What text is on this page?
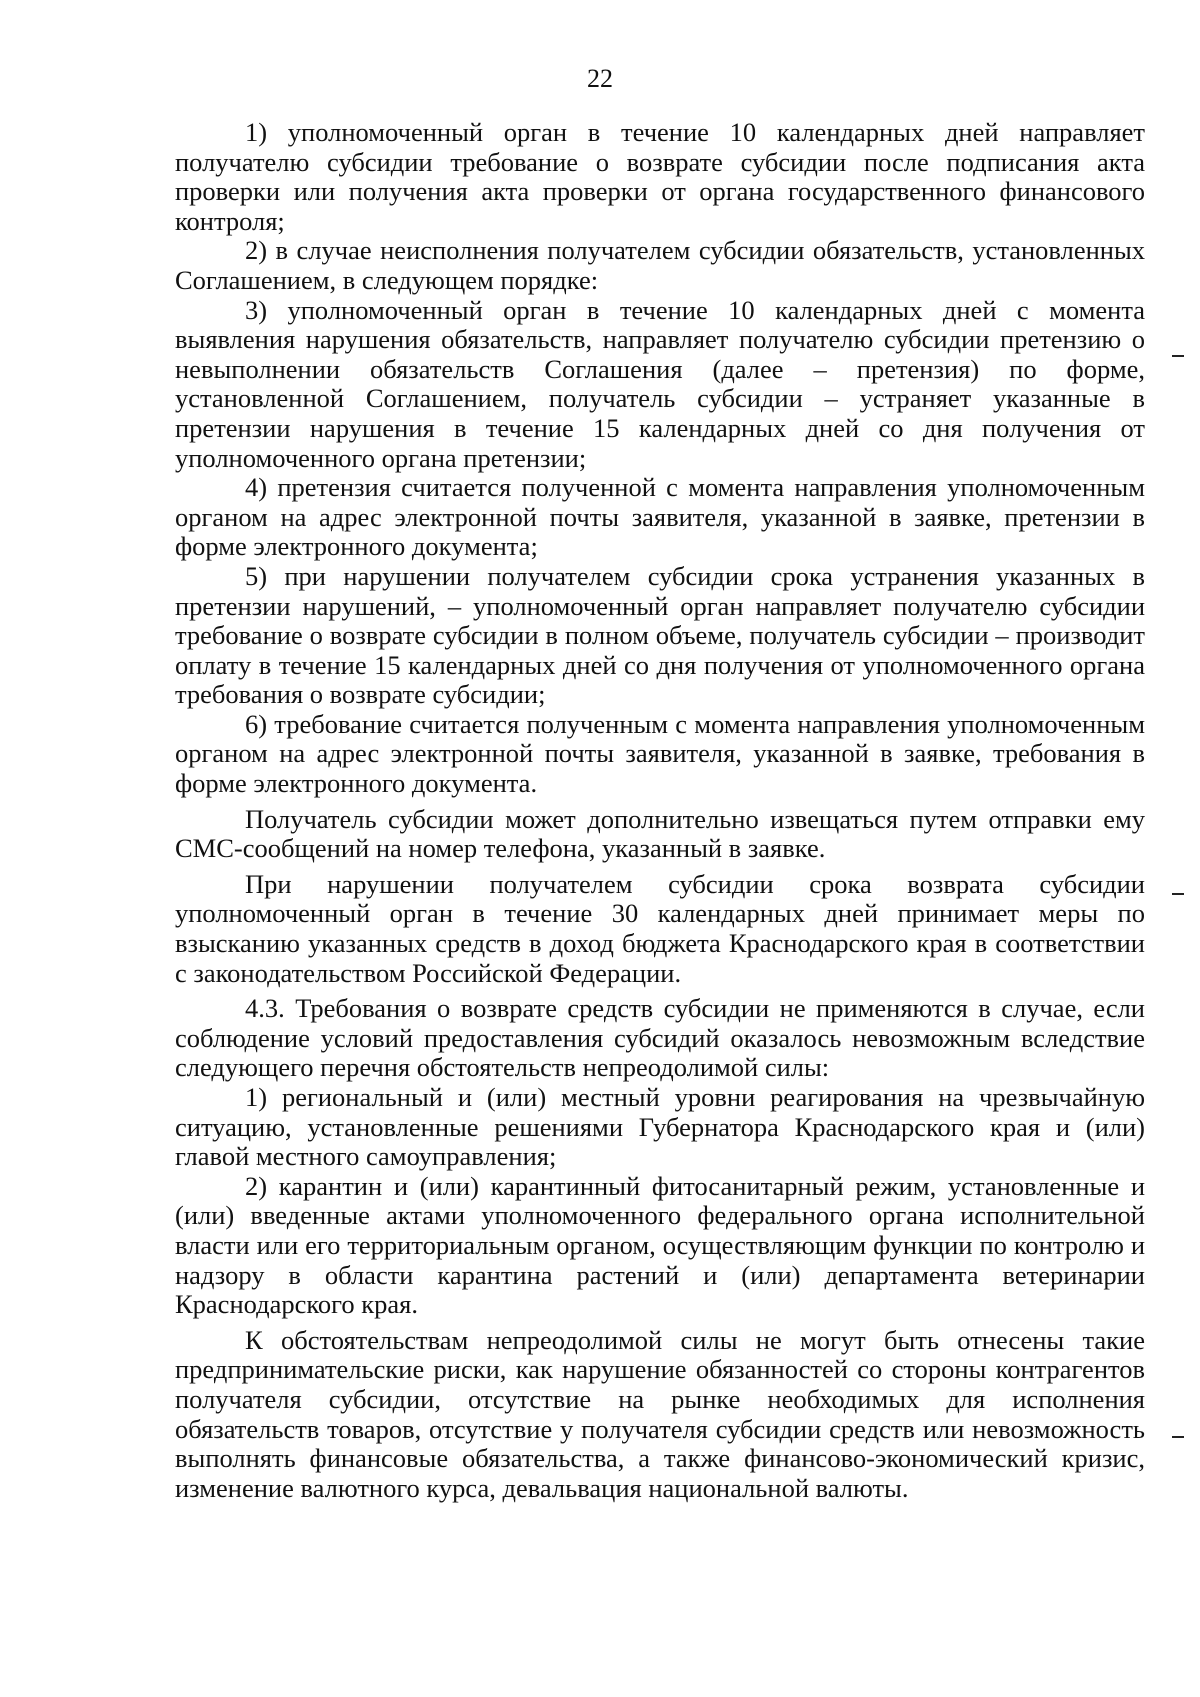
22

1) уполномоченный орган в течение 10 календарных дней направляет получателю субсидии требование о возврате субсидии после подписания акта проверки или получения акта проверки от органа государственного финансового контроля;

2) в случае неисполнения получателем субсидии обязательств, установленных Соглашением, в следующем порядке:

3) уполномоченный орган в течение 10 календарных дней с момента выявления нарушения обязательств, направляет получателю субсидии претензию о невыполнении обязательств Соглашения (далее – претензия) по форме, установленной Соглашением, получатель субсидии – устраняет указанные в претензии нарушения в течение 15 календарных дней со дня получения от уполномоченного органа претензии;

4) претензия считается полученной с момента направления уполномоченным органом на адрес электронной почты заявителя, указанной в заявке, претензии в форме электронного документа;

5) при нарушении получателем субсидии срока устранения указанных в претензии нарушений, – уполномоченный орган направляет получателю субсидии требование о возврате субсидии в полном объеме, получатель субсидии – производит оплату в течение 15 календарных дней со дня получения от уполномоченного органа требования о возврате субсидии;

6) требование считается полученным с момента направления уполномоченным органом на адрес электронной почты заявителя, указанной в заявке, требования в форме электронного документа.

Получатель субсидии может дополнительно извещаться путем отправки ему СМС-сообщений на номер телефона, указанный в заявке.

При нарушении получателем субсидии срока возврата субсидии уполномоченный орган в течение 30 календарных дней принимает меры по взысканию указанных средств в доход бюджета Краснодарского края в соответствии с законодательством Российской Федерации.

4.3. Требования о возврате средств субсидии не применяются в случае, если соблюдение условий предоставления субсидий оказалось невозможным вследствие следующего перечня обстоятельств непреодолимой силы:

1) региональный и (или) местный уровни реагирования на чрезвычайную ситуацию, установленные решениями Губернатора Краснодарского края и (или) главой местного самоуправления;

2) карантин и (или) карантинный фитосанитарный режим, установленные и (или) введенные актами уполномоченного федерального органа исполнительной власти или его территориальным органом, осуществляющим функции по контролю и надзору в области карантина растений и (или) департамента ветеринарии Краснодарского края.

К обстоятельствам непреодолимой силы не могут быть отнесены такие предпринимательские риски, как нарушение обязанностей со стороны контрагентов получателя субсидии, отсутствие на рынке необходимых для исполнения обязательств товаров, отсутствие у получателя субсидии средств или невозможность выполнять финансовые обязательства, а также финансово-экономический кризис, изменение валютного курса, девальвация национальной валюты.
